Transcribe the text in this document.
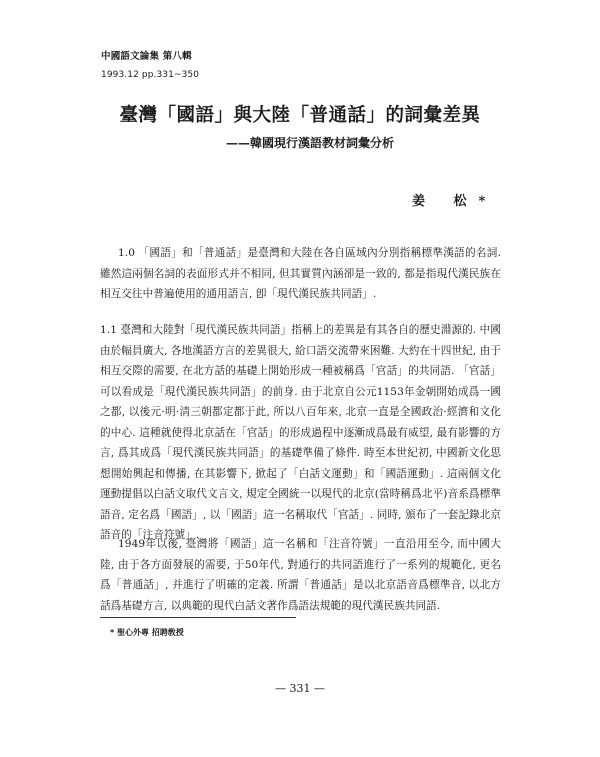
中國語文論集 第八輯
1993.12 pp.331~350
臺灣「國語」與大陸「普通話」的詞彙差異
——韓國現行漢語教材詞彙分析
姜 松*
1.0 「國語」和「普通話」是臺灣和大陸在各自區域內分別指稱標準漢語的名詞.雖然這兩個名詞的表面形式并不相同, 但其實質內涵卻是一致的, 都是指現代漢民族在相互交往中普遍使用的通用語言, 卽「現代漢民族共同語」.
1.1 臺灣和大陸對「現代漢民族共同語」指稱上的差異是有其各自的歷史淵源的. 中國由於幅員廣大, 各地漢語方言的差異很大, 給口語交流帶來困難. 大約在十四世紀, 由于相互交際的需要, 在北方話的基礎上開始形成一種被稱爲「官話」的共同語. 「官話」可以看成是「現代漢民族共同語」的前身. 由于北京自公元1153年金朝開始成爲一國之都, 以後元·明·淸三朝都定都于此, 所以八百年來, 北京一直是全國政治·經濟和文化的中心. 這種就使得北京話在「官話」的形成過程中逐漸成爲最有威望, 最有影響的方言, 爲其成爲「現代漢民族共同語」的基礎準備了條件. 時至本世紀初, 中國新文化思想開始興起和傳播, 在其影響下, 掀起了「白話文運動」和「國語運動」. 這兩個文化運動提倡以白話文取代文言文, 規定全國統一以現代的北京(當時稱爲北平)音系爲標準語音, 定名爲「國語」, 以「國語」這一名稱取代「官話」. 同時, 頒布了一套記錄北京語音的「注音符號」.
1949年以後, 臺灣將「國語」這一名稱和「注音符號」一直沿用至今, 而中國大陸, 由于各方面發展的需要, 于50年代, 對通行的共同語進行了一系列的規範化, 更名爲「普通話」, 并進行了明確的定義. 所謂「普通話」是以北京語音爲標準音, 以北方話爲基礎方言, 以典範的現代白話文著作爲語法規範的現代漢民族共同語.
* 聖心外專 招聘敎授
— 331 —
